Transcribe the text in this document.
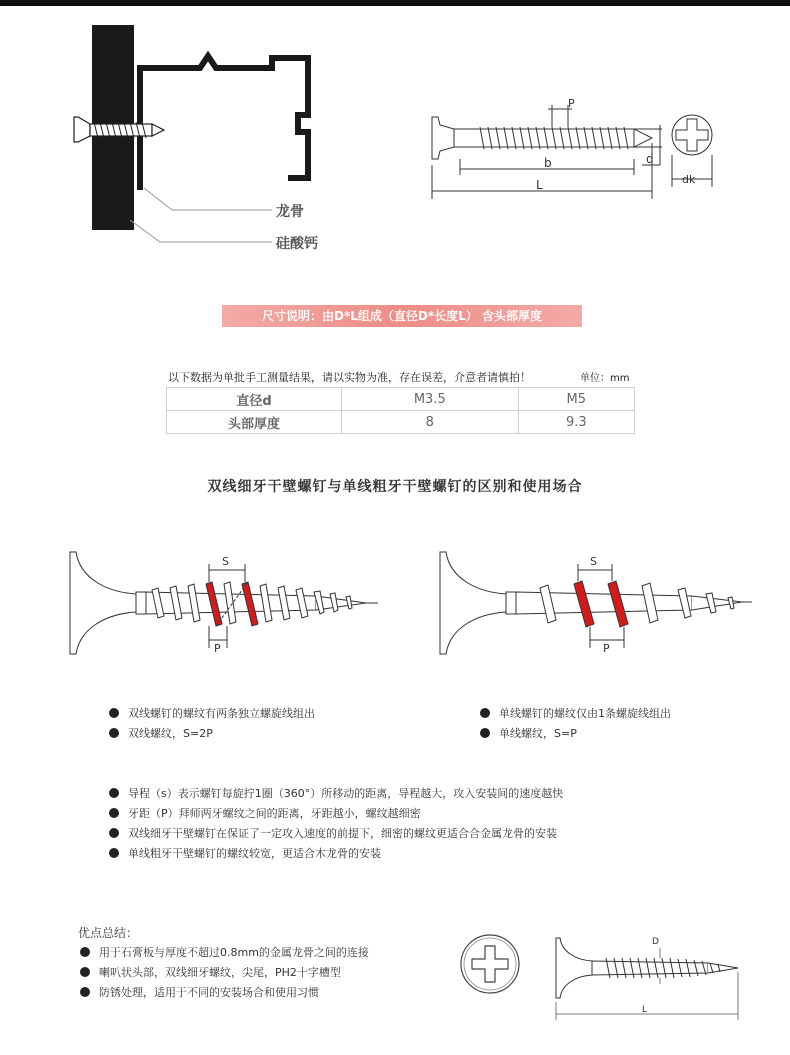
龙骨
硅酸钙
P
b
L
d
dk
尺寸说明：由D*L组成（直径D*长度L） 含头部厚度
以下数据为单批手工测量结果，请以实物为准，存在误差，介意者请慎拍！	单位：mm
直径d	M3.5	M5
头部厚度	8	9.3
双线细牙干壁螺钉与单线粗牙干壁螺钉的区别和使用场合
S
P
S
P
双线螺钉的螺纹有两条独立螺旋线组出
双线螺纹，S=2P
单线螺钉的螺纹仅由1条螺旋线组出
单线螺纹，S=P
导程（s）表示螺钉每旋拧1圈（360°）所移动的距离，导程越大，攻入安装间的速度越快
牙距（P）拜师两牙螺纹之间的距离，牙距越小，螺纹越细密
双线细牙干壁螺钉在保证了一定攻入速度的前提下，细密的螺纹更适合合金属龙骨的安装
单线粗牙干壁螺钉的螺纹较宽，更适合木龙骨的安装
优点总结：
用于石膏板与厚度不超过0.8mm的金属龙骨之间的连接
喇叭状头部，双线细牙螺纹，尖尾，PH2十字槽型
防锈处理，适用于不同的安装场合和使用习惯
D
L
